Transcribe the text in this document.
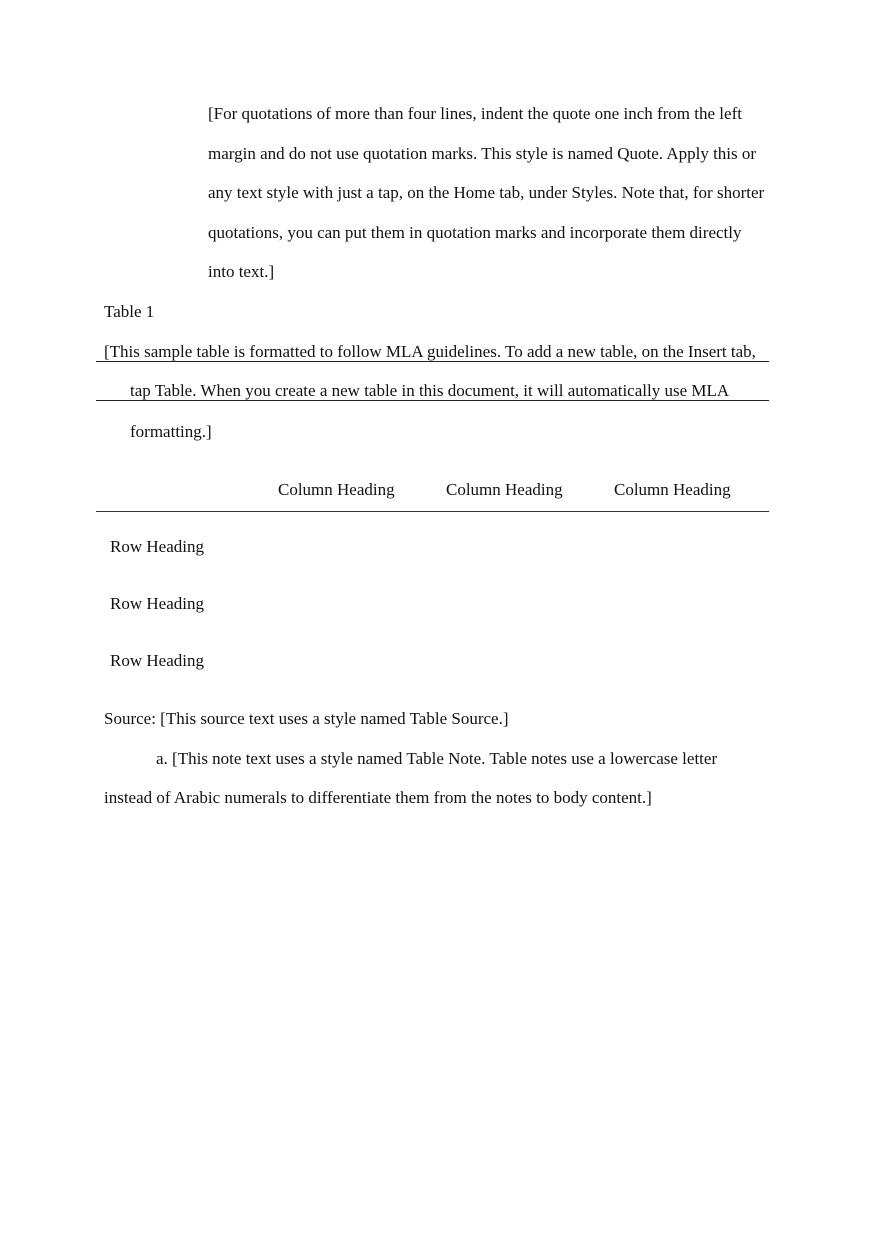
[For quotations of more than four lines, indent the quote one inch from the left
margin and do not use quotation marks. This style is named Quote. Apply this or
any text style with just a tap, on the Home tab, under Styles. Note that, for shorter
quotations, you can put them in quotation marks and incorporate them directly
into text.]
Table 1
[This sample table is formatted to follow MLA guidelines. To add a new table, on the Insert tab,
tap Table. When you create a new table in this document, it will automatically use MLA
formatting.]
Column Heading	Column Heading	Column Heading
Row Heading
Row Heading
Row Heading
Source: [This source text uses a style named Table Source.]
a. [This note text uses a style named Table Note. Table notes use a lowercase letter
instead of Arabic numerals to differentiate them from the notes to body content.]
